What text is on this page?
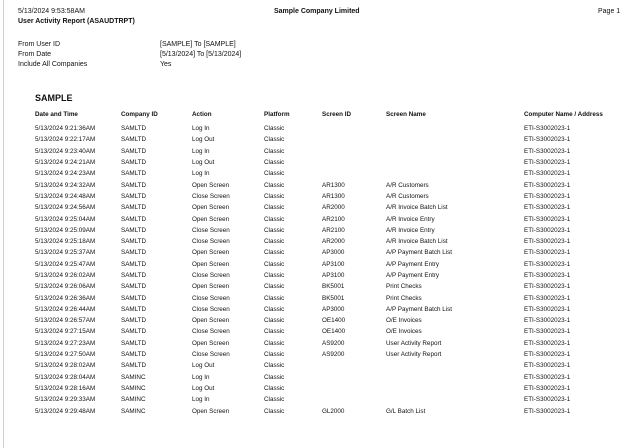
5/13/2024 9:53:58AM	Sample Company Limited	Page 1
User Activity Report (ASAUDTRPT)
From User ID	[SAMPLE] To [SAMPLE]
From Date	[5/13/2024] To [5/13/2024]
Include All Companies	Yes
SAMPLE
Date and Time	Company ID	Action	Platform	Screen ID	Screen Name	Computer Name / Address
5/13/2024 9:21:36AM	SAMLTD	Log In	Classic			ETI-S3002023-1
5/13/2024 9:22:17AM	SAMLTD	Log Out	Classic			ETI-S3002023-1
5/13/2024 9:23:40AM	SAMLTD	Log In	Classic			ETI-S3002023-1
5/13/2024 9:24:21AM	SAMLTD	Log Out	Classic			ETI-S3002023-1
5/13/2024 9:24:23AM	SAMLTD	Log In	Classic			ETI-S3002023-1
5/13/2024 9:24:32AM	SAMLTD	Open Screen	Classic	AR1300	A/R Customers	ETI-S3002023-1
5/13/2024 9:24:48AM	SAMLTD	Close Screen	Classic	AR1300	A/R Customers	ETI-S3002023-1
5/13/2024 9:24:56AM	SAMLTD	Open Screen	Classic	AR2000	A/R Invoice Batch List	ETI-S3002023-1
5/13/2024 9:25:04AM	SAMLTD	Open Screen	Classic	AR2100	A/R Invoice Entry	ETI-S3002023-1
5/13/2024 9:25:09AM	SAMLTD	Close Screen	Classic	AR2100	A/R Invoice Entry	ETI-S3002023-1
5/13/2024 9:25:18AM	SAMLTD	Close Screen	Classic	AR2000	A/R Invoice Batch List	ETI-S3002023-1
5/13/2024 9:25:37AM	SAMLTD	Open Screen	Classic	AP3000	A/P Payment Batch List	ETI-S3002023-1
5/13/2024 9:25:47AM	SAMLTD	Open Screen	Classic	AP3100	A/P Payment Entry	ETI-S3002023-1
5/13/2024 9:26:02AM	SAMLTD	Close Screen	Classic	AP3100	A/P Payment Entry	ETI-S3002023-1
5/13/2024 9:26:06AM	SAMLTD	Open Screen	Classic	BK5001	Print Checks	ETI-S3002023-1
5/13/2024 9:26:36AM	SAMLTD	Close Screen	Classic	BK5001	Print Checks	ETI-S3002023-1
5/13/2024 9:26:44AM	SAMLTD	Close Screen	Classic	AP3000	A/P Payment Batch List	ETI-S3002023-1
5/13/2024 9:26:57AM	SAMLTD	Open Screen	Classic	OE1400	O/E Invoices	ETI-S3002023-1
5/13/2024 9:27:15AM	SAMLTD	Close Screen	Classic	OE1400	O/E Invoices	ETI-S3002023-1
5/13/2024 9:27:23AM	SAMLTD	Open Screen	Classic	AS9200	User Activity Report	ETI-S3002023-1
5/13/2024 9:27:50AM	SAMLTD	Close Screen	Classic	AS9200	User Activity Report	ETI-S3002023-1
5/13/2024 9:28:02AM	SAMLTD	Log Out	Classic			ETI-S3002023-1
5/13/2024 9:28:04AM	SAMINC	Log In	Classic			ETI-S3002023-1
5/13/2024 9:28:16AM	SAMINC	Log Out	Classic			ETI-S3002023-1
5/13/2024 9:29:33AM	SAMINC	Log In	Classic			ETI-S3002023-1
5/13/2024 9:29:48AM	SAMINC	Open Screen	Classic	GL2000	G/L Batch List	ETI-S3002023-1
